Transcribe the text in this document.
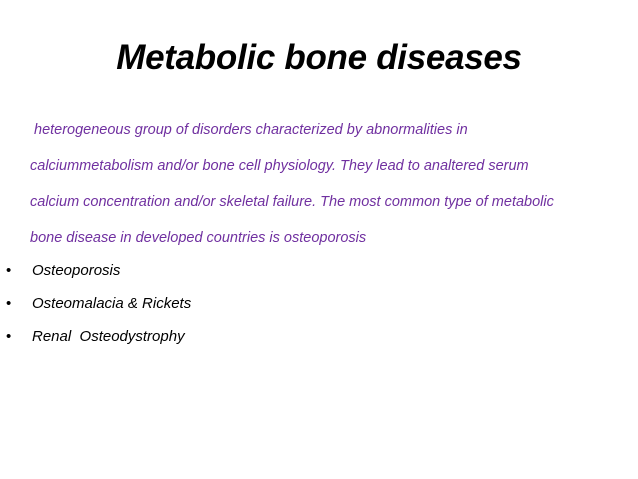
Metabolic bone diseases
heterogeneous group of disorders characterized by abnormalities in
calciummetabolism and/or bone cell physiology. They lead to analtered serum
calcium concentration and/or skeletal failure. The most common type of metabolic
bone disease in developed countries is osteoporosis
• Osteoporosis
• Osteomalacia & Rickets
• Renal  Osteodystrophy
